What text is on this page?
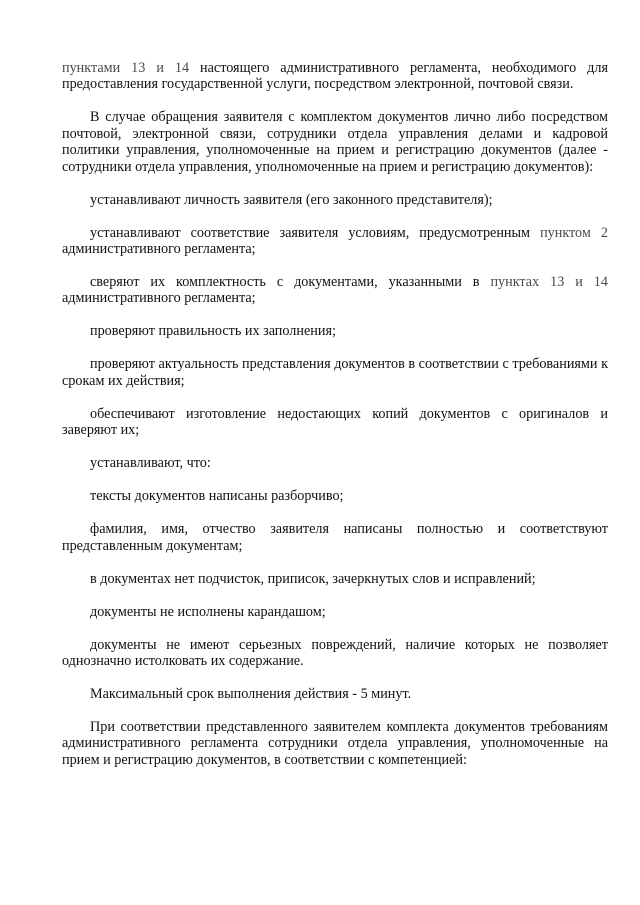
пунктами 13 и 14 настоящего административного регламента, необходимого для предоставления государственной услуги, посредством электронной, почтовой связи.

В случае обращения заявителя с комплектом документов лично либо посредством почтовой, электронной связи, сотрудники отдела управления делами и кадровой политики управления, уполномоченные на прием и регистрацию документов (далее - сотрудники отдела управления, уполномоченные на прием и регистрацию документов):

устанавливают личность заявителя (его законного представителя);

устанавливают соответствие заявителя условиям, предусмотренным пунктом 2 административного регламента;

сверяют их комплектность с документами, указанными в пунктах 13 и 14 административного регламента;

проверяют правильность их заполнения;

проверяют актуальность представления документов в соответствии с требованиями к срокам их действия;

обеспечивают изготовление недостающих копий документов с оригиналов и заверяют их;

устанавливают, что:

тексты документов написаны разборчиво;

фамилия, имя, отчество заявителя написаны полностью и соответствуют представленным документам;

в документах нет подчисток, приписок, зачеркнутых слов и исправлений;

документы не исполнены карандашом;

документы не имеют серьезных повреждений, наличие которых не позволяет однозначно истолковать их содержание.

Максимальный срок выполнения действия - 5 минут.

При соответствии представленного заявителем комплекта документов требованиям административного регламента сотрудники отдела управления, уполномоченные на прием и регистрацию документов, в соответствии с компетенцией:
